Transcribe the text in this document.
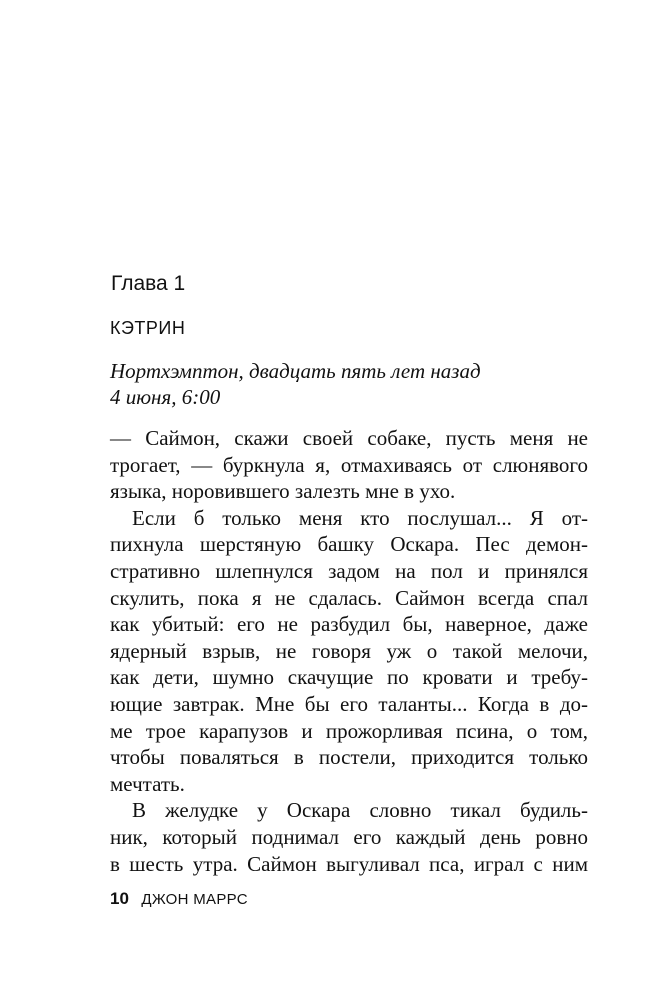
Глава 1
КЭТРИН
Нортхэмптон, двадцать пять лет назад
4 июня, 6:00
— Саймон, скажи своей собаке, пусть меня не
трогает, — буркнула я, отмахиваясь от слюнявого
языка, норовившего залезть мне в ухо.
Если б только меня кто послушал... Я от-
пихнула шерстяную башку Оскара. Пес демон-
стративно шлепнулся задом на пол и принялся
скулить, пока я не сдалась. Саймон всегда спал
как убитый: его не разбудил бы, наверное, даже
ядерный взрыв, не говоря уж о такой мелочи,
как дети, шумно скачущие по кровати и требу-
ющие завтрак. Мне бы его таланты... Когда в до-
ме трое карапузов и прожорливая псина, о том,
чтобы поваляться в постели, приходится только
мечтать.
В желудке у Оскара словно тикал будиль-
ник, который поднимал его каждый день ровно
в шесть утра. Саймон выгуливал пса, играл с ним
10 ДЖОН МАРРС
